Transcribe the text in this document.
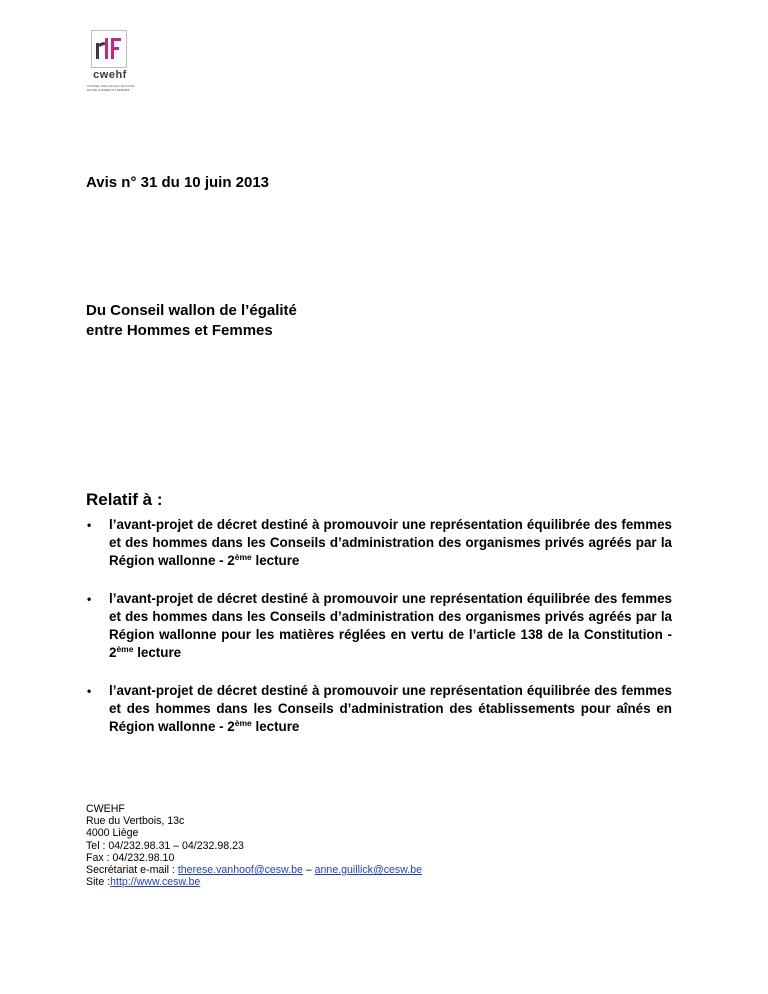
cwehf
CONSEIL WALLON DE L'ÉGALITÉ ENTRE HOMMES ET FEMMES
Avis n° 31 du 10 juin 2013
Du Conseil wallon de l’égalité
entre Hommes et Femmes
Relatif à :
• l’avant-projet de décret destiné à promouvoir une représentation équilibrée des femmes et des hommes dans les Conseils d’administration des organismes privés agréés par la Région wallonne - 2ème lecture
• l’avant-projet de décret destiné à promouvoir une représentation équilibrée des femmes et des hommes dans les Conseils d’administration des organismes privés agréés par la Région wallonne pour les matières réglées en vertu de l’article 138 de la Constitution - 2ème lecture
• l’avant-projet de décret destiné à promouvoir une représentation équilibrée des femmes et des hommes dans les Conseils d’administration des établissements pour aînés en Région wallonne - 2ème lecture
CWEHF
Rue du Vertbois, 13c
4000 Liège
Tel : 04/232.98.31 – 04/232.98.23
Fax : 04/232.98.10
Secrétariat e-mail : therese.vanhoof@cesw.be – anne.guillick@cesw.be
Site :http://www.cesw.be
